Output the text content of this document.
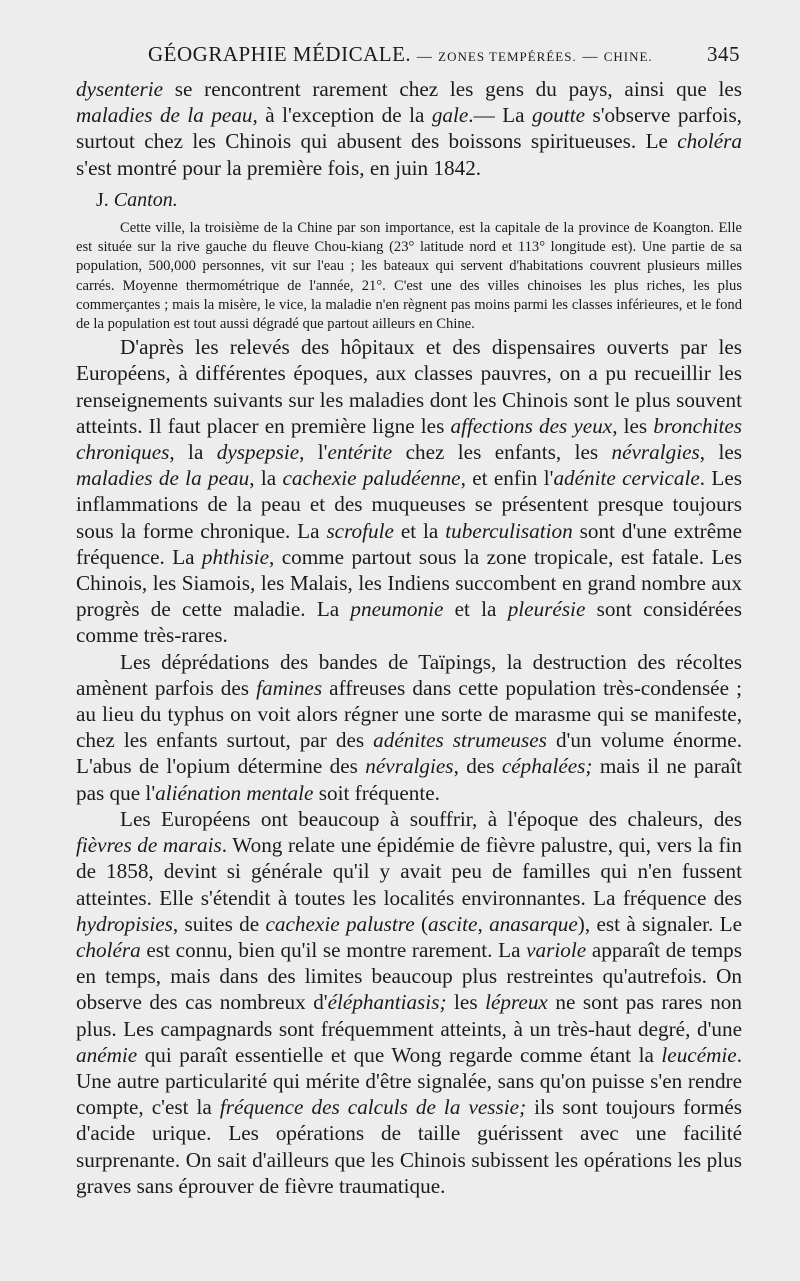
GÉOGRAPHIE MÉDICALE. — ZONES TEMPÉRÉES. — CHINE.	345

dysenterie se rencontrent rarement chez les gens du pays, ainsi que les maladies de la peau, à l'exception de la gale.— La goutte s'observe parfois, surtout chez les Chinois qui abusent des boissons spiritueuses. Le choléra s'est montré pour la première fois, en juin 1842.

J. Canton.

Cette ville, la troisième de la Chine par son importance, est la capitale de la province de Koangton. Elle est située sur la rive gauche du fleuve Chou-kiang (23° latitude nord et 113° longitude est). Une partie de sa population, 500,000 personnes, vit sur l'eau ; les bateaux qui servent d'habitations couvrent plusieurs milles carrés. Moyenne thermométrique de l'année, 21°. C'est une des villes chinoises les plus riches, les plus commerçantes ; mais la misère, le vice, la maladie n'en règnent pas moins parmi les classes inférieures, et le fond de la population est tout aussi dégradé que partout ailleurs en Chine.

D'après les relevés des hôpitaux et des dispensaires ouverts par les Européens, à différentes époques, aux classes pauvres, on a pu recueillir les renseignements suivants sur les maladies dont les Chinois sont le plus souvent atteints. Il faut placer en première ligne les affections des yeux, les bronchites chroniques, la dyspepsie, l'entérite chez les enfants, les névralgies, les maladies de la peau, la cachexie paludéenne, et enfin l'adénite cervicale. Les inflammations de la peau et des muqueuses se présentent presque toujours sous la forme chronique. La scrofule et la tuberculisation sont d'une extrême fréquence. La phthisie, comme partout sous la zone tropicale, est fatale. Les Chinois, les Siamois, les Malais, les Indiens succombent en grand nombre aux progrès de cette maladie. La pneumonie et la pleurésie sont considérées comme très-rares.

Les déprédations des bandes de Taïpings, la destruction des récoltes amènent parfois des famines affreuses dans cette population très-condensée ; au lieu du typhus on voit alors régner une sorte de marasme qui se manifeste, chez les enfants surtout, par des adénites strumeuses d'un volume énorme. L'abus de l'opium détermine des névralgies, des céphalées; mais il ne paraît pas que l'aliénation mentale soit fréquente.

Les Européens ont beaucoup à souffrir, à l'époque des chaleurs, des fièvres de marais. Wong relate une épidémie de fièvre palustre, qui, vers la fin de 1858, devint si générale qu'il y avait peu de familles qui n'en fussent atteintes. Elle s'étendit à toutes les localités environnantes. La fréquence des hydropisies, suites de cachexie palustre (ascite, anasarque), est à signaler. Le choléra est connu, bien qu'il se montre rarement. La variole apparaît de temps en temps, mais dans des limites beaucoup plus restreintes qu'autrefois. On observe des cas nombreux d'éléphantiasis; les lépreux ne sont pas rares non plus. Les campagnards sont fréquemment atteints, à un très-haut degré, d'une anémie qui paraît essentielle et que Wong regarde comme étant la leucémie. Une autre particularité qui mérite d'être signalée, sans qu'on puisse s'en rendre compte, c'est la fréquence des calculs de la vessie; ils sont toujours formés d'acide urique. Les opérations de taille guérissent avec une facilité surprenante. On sait d'ailleurs que les Chinois subissent les opérations les plus graves sans éprouver de fièvre traumatique.
